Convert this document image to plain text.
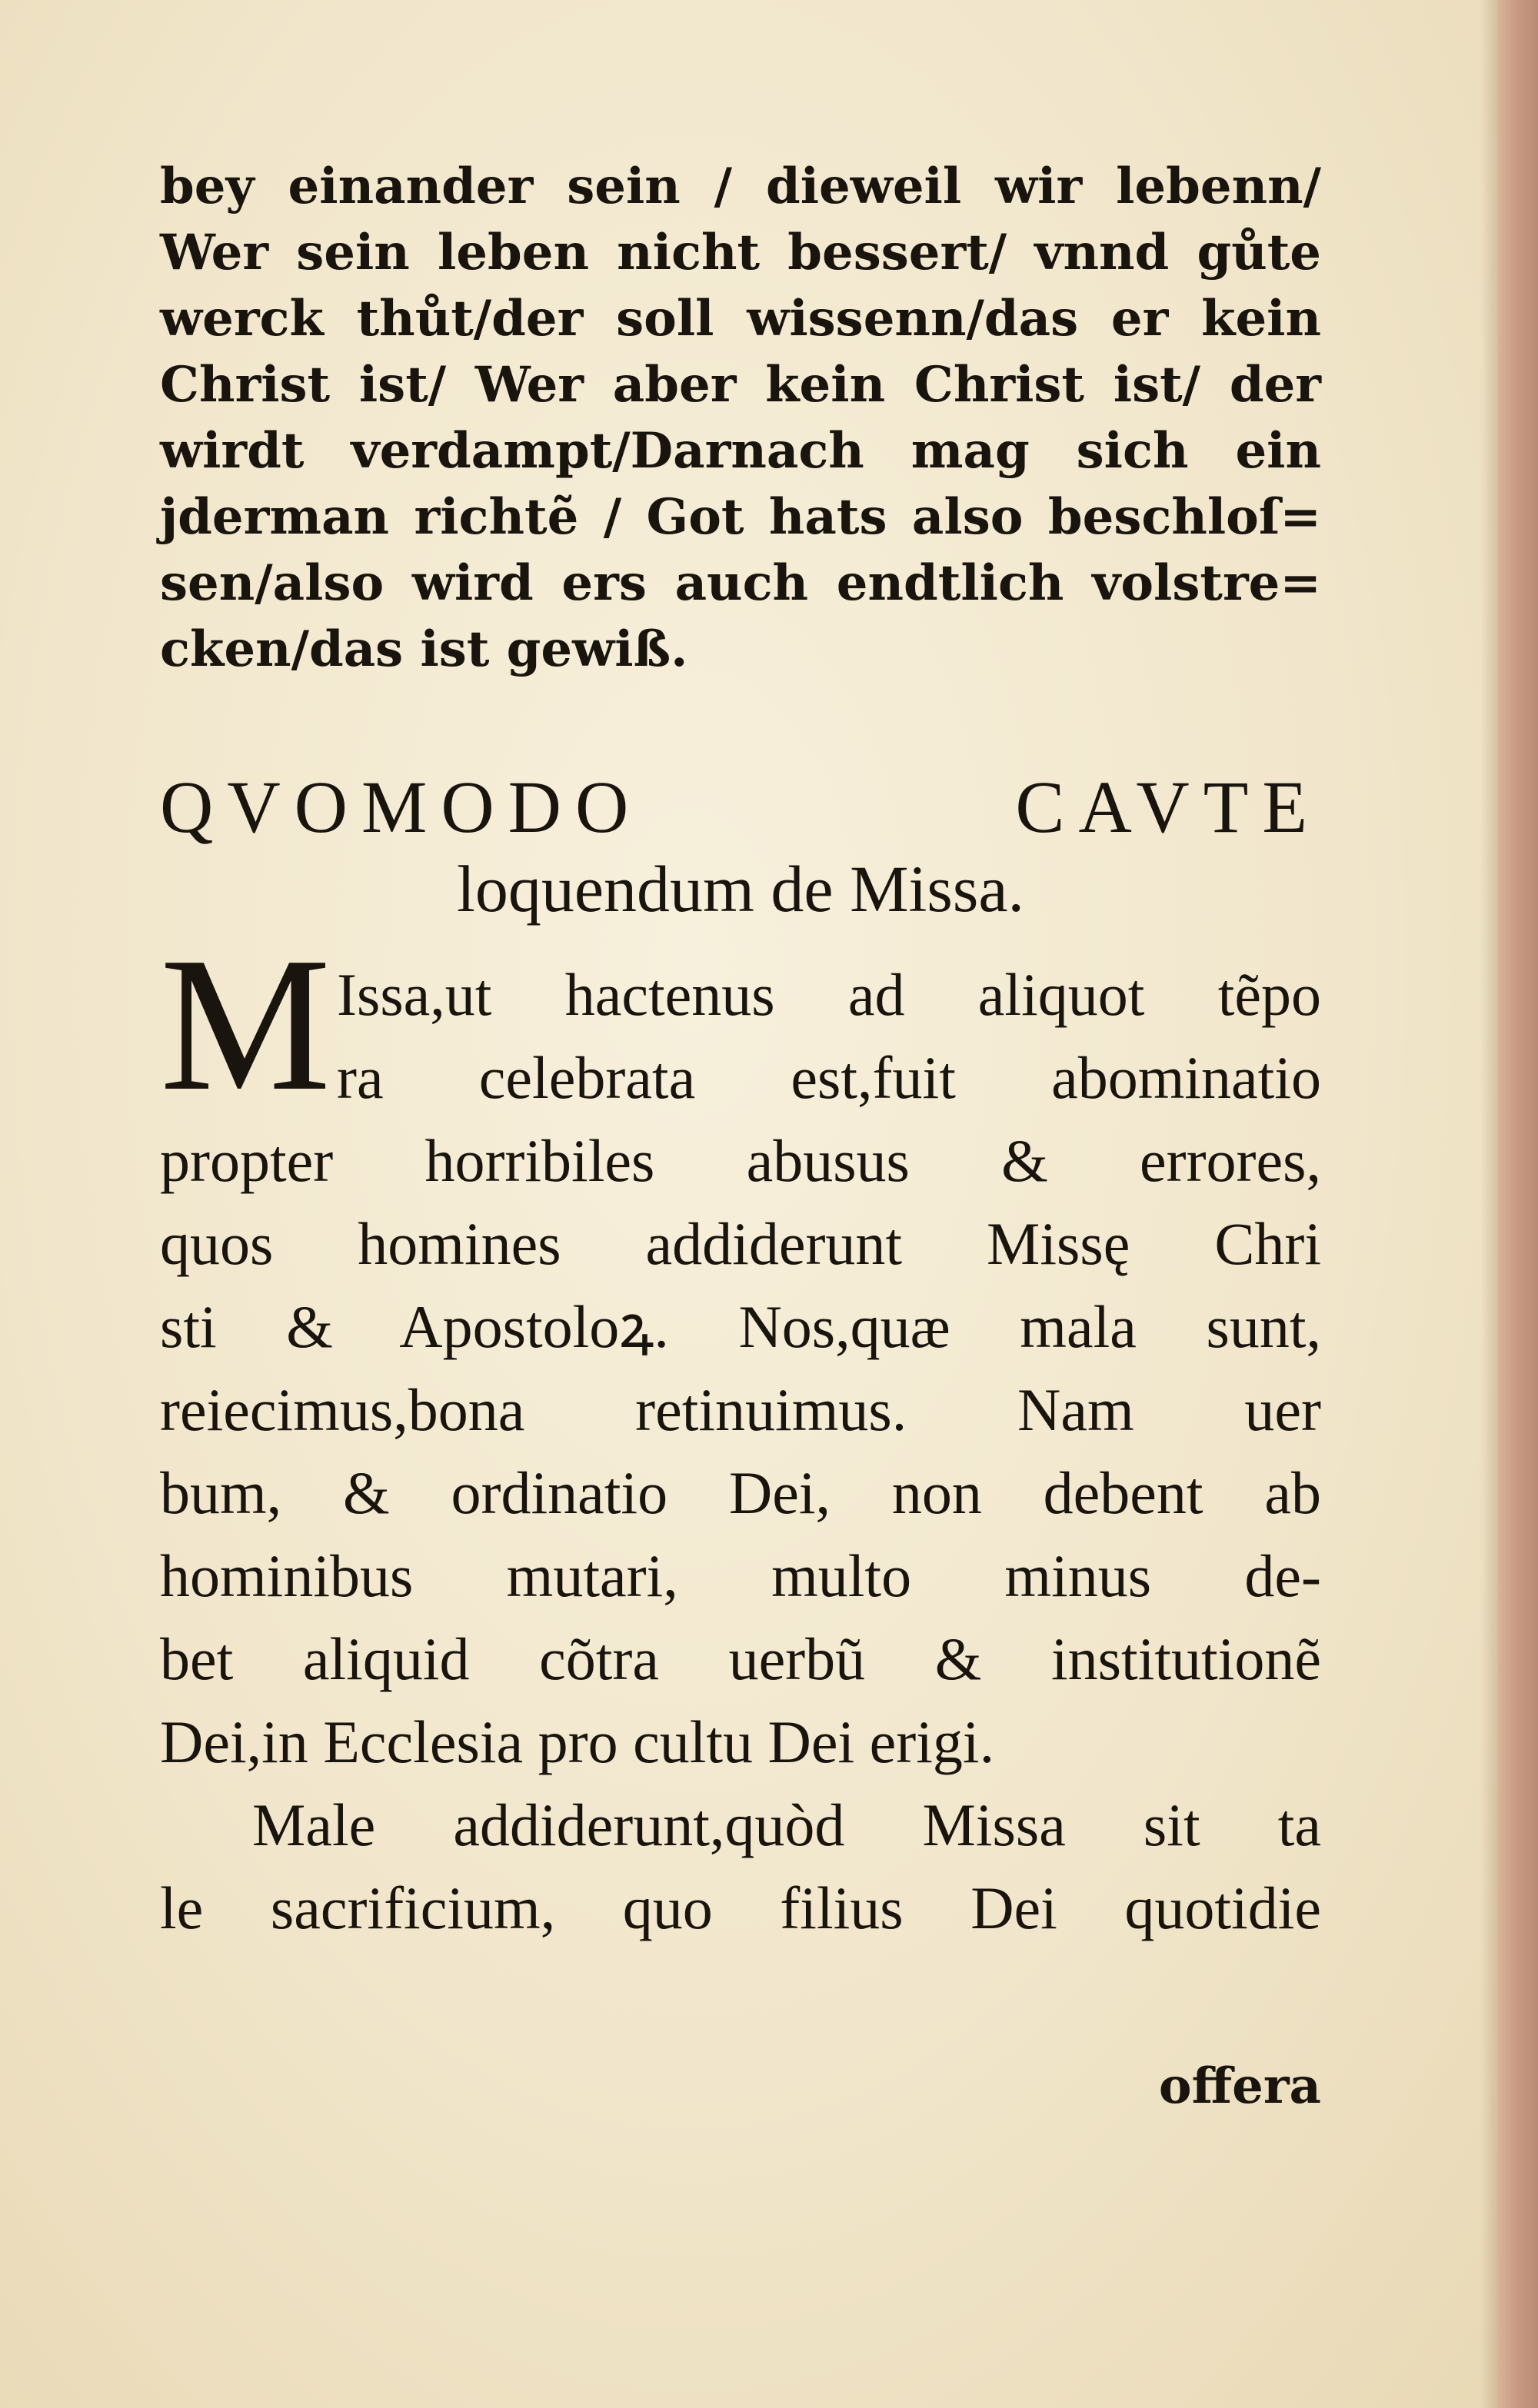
bey einander sein / dieweil wir lebenn/
Wer sein leben nicht bessert/ vnnd gůte
werck thůt/der soll wissenn/das er kein
Christ ist/ Wer aber kein Christ ist/ der
wirdt verdampt/Darnach mag sich ein
jderman richtẽ / Got hats also beschloſ=
sen/also wird ers auch endtlich volstre=
cken/das ist gewiß.
QVOMODO CAVTE
loquendum de Missa.
M Issa,ut hactenus ad aliquot tẽpo
ra celebrata est,fuit abominatio
propter horribiles abusus & errores,
quos homines addiderunt Missę Chri
sti & Apostoloꝝ. Nos,quæ mala sunt,
reiecimus,bona retinuimus. Nam uer
bum, & ordinatio Dei, non debent ab
hominibus mutari, multo minus de-
bet aliquid cõtra uerbũ & institutionẽ
Dei,in Ecclesia pro cultu Dei erigi.
Male addiderunt,quòd Missa sit ta
le sacrificium, quo filius Dei quotidie
offera
